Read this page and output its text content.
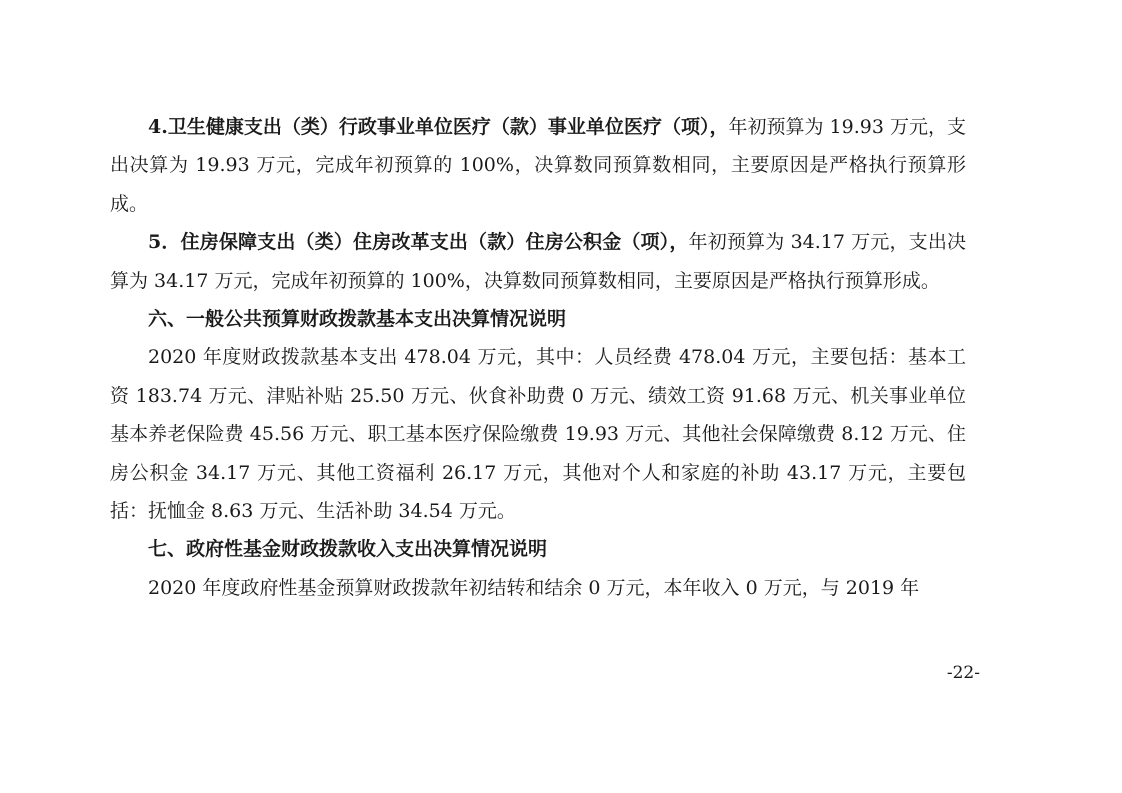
4.卫生健康支出（类）行政事业单位医疗（款）事业单位医疗（项），年初预算为 19.93 万元，支出决算为 19.93 万元，完成年初预算的 100%，决算数同预算数相同，主要原因是严格执行预算形成。

5．住房保障支出（类）住房改革支出（款）住房公积金（项），年初预算为 34.17 万元，支出决算为 34.17 万元，完成年初预算的 100%，决算数同预算数相同，主要原因是严格执行预算形成。

六、一般公共预算财政拨款基本支出决算情况说明

2020 年度财政拨款基本支出 478.04 万元，其中：人员经费 478.04 万元，主要包括：基本工资 183.74 万元、津贴补贴 25.50 万元、伙食补助费 0 万元、绩效工资 91.68 万元、机关事业单位基本养老保险费 45.56 万元、职工基本医疗保险缴费 19.93 万元、其他社会保障缴费 8.12 万元、住房公积金 34.17 万元、其他工资福利 26.17 万元，其他对个人和家庭的补助 43.17 万元，主要包括：抚恤金 8.63 万元、生活补助 34.54 万元。

七、政府性基金财政拨款收入支出决算情况说明

2020 年度政府性基金预算财政拨款年初结转和结余 0 万元，本年收入 0 万元，与 2019 年

-22-
